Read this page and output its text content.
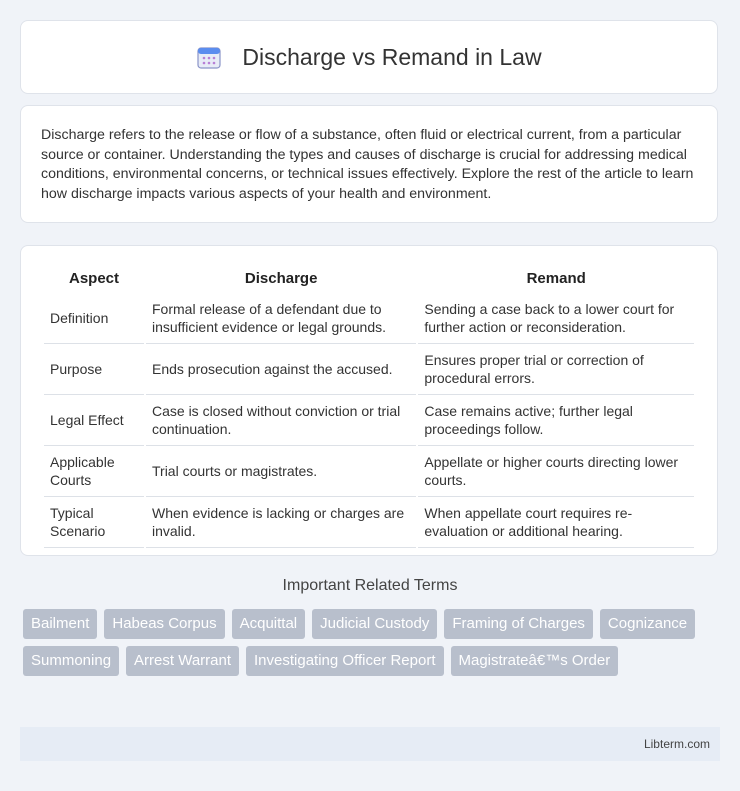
Discharge vs Remand in Law

Discharge refers to the release or flow of a substance, often fluid or electrical current, from a particular source or container. Understanding the types and causes of discharge is crucial for addressing medical conditions, environmental concerns, or technical issues effectively. Explore the rest of the article to learn how discharge impacts various aspects of your health and environment.

Aspect	Discharge	Remand
Definition	Formal release of a defendant due to insufficient evidence or legal grounds.	Sending a case back to a lower court for further action or reconsideration.
Purpose	Ends prosecution against the accused.	Ensures proper trial or correction of procedural errors.
Legal Effect	Case is closed without conviction or trial continuation.	Case remains active; further legal proceedings follow.
Applicable Courts	Trial courts or magistrates.	Appellate or higher courts directing lower courts.
Typical Scenario	When evidence is lacking or charges are invalid.	When appellate court requires re-evaluation or additional hearing.
Important Related Terms
Bailment	Habeas Corpus	Acquittal	Judicial Custody	Framing of Charges	Cognizance
Summoning	Arrest Warrant	Investigating Officer Report	Magistrateâ€™s Order
Libterm.com
